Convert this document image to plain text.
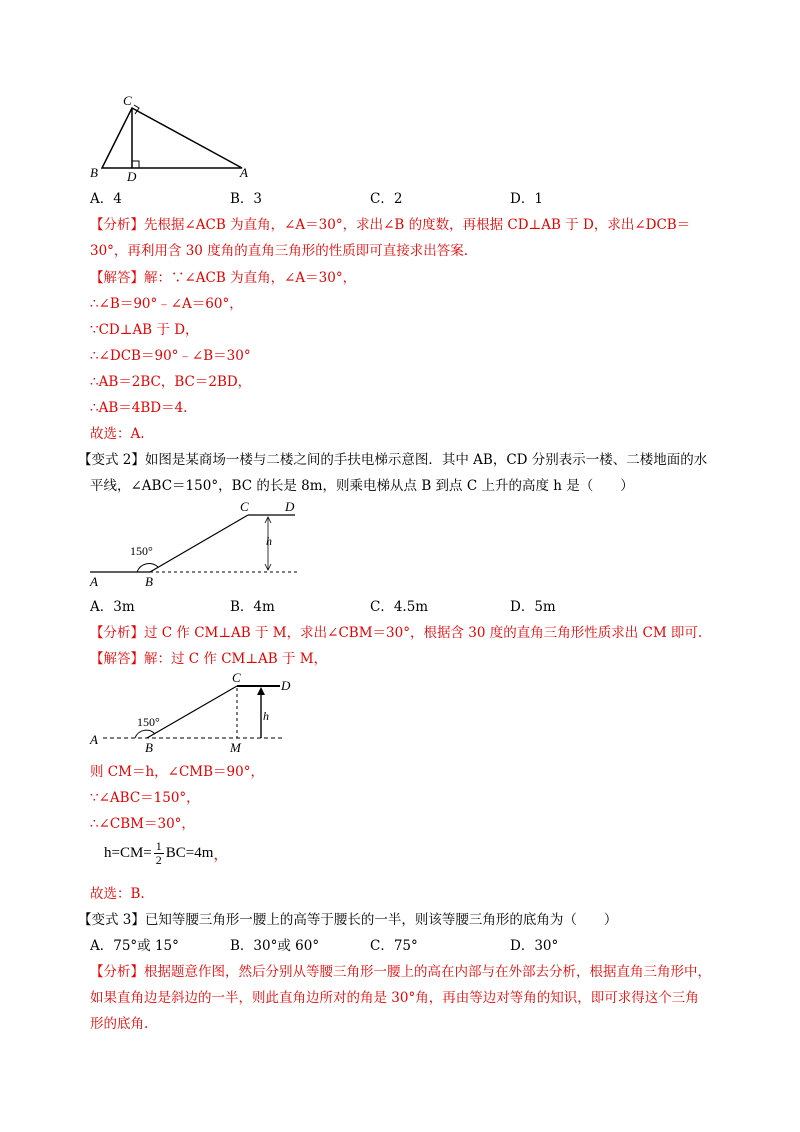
C
B D	A
A．4	B．3	C．2	D．1
【分析】先根据∠ACB 为直角，∠A＝30°，求出∠B 的度数，再根据 CD⊥AB 于 D，求出∠DCB＝
30°，再利用含 30 度角的直角三角形的性质即可直接求出答案.
【解答】解：∵∠ACB 为直角，∠A＝30°，
∴∠B＝90°﹣∠A＝60°，
∵CD⊥AB 于 D，
∴∠DCB＝90°﹣∠B＝30°
∴AB＝2BC，BC＝2BD，
∴AB＝4BD＝4.
故选：A.
【变式 2】如图是某商场一楼与二楼之间的手扶电梯示意图．其中 AB，CD 分别表示一楼、二楼地面的水
平线，∠ABC＝150°，BC 的长是 8m，则乘电梯从点 B 到点 C 上升的高度 h 是（　　）
C	D
h
150°
A	B
A．3m	B．4m	C．4.5m	D．5m
【分析】过 C 作 CM⊥AB 于 M，求出∠CBM＝30°，根据含 30 度的直角三角形性质求出 CM 即可.
【解答】解：过 C 作 CM⊥AB 于 M，
C
D
h
150°
A
B	M
则 CM＝h，∠CMB＝90°，
∵∠ABC＝150°，
∴∠CBM＝30°，
$h=CM= \frac{1}{2} BC=4m$ ，
故选：B.
【变式 3】已知等腰三角形一腰上的高等于腰长的一半，则该等腰三角形的底角为（　　）
A．75°或 15°	B．30°或 60°	C．75°	D．30°
【分析】根据题意作图，然后分别从等腰三角形一腰上的高在内部与在外部去分析，根据直角三角形中，
如果直角边是斜边的一半，则此直角边所对的角是 30°角，再由等边对等角的知识，即可求得这个三角
形的底角.
